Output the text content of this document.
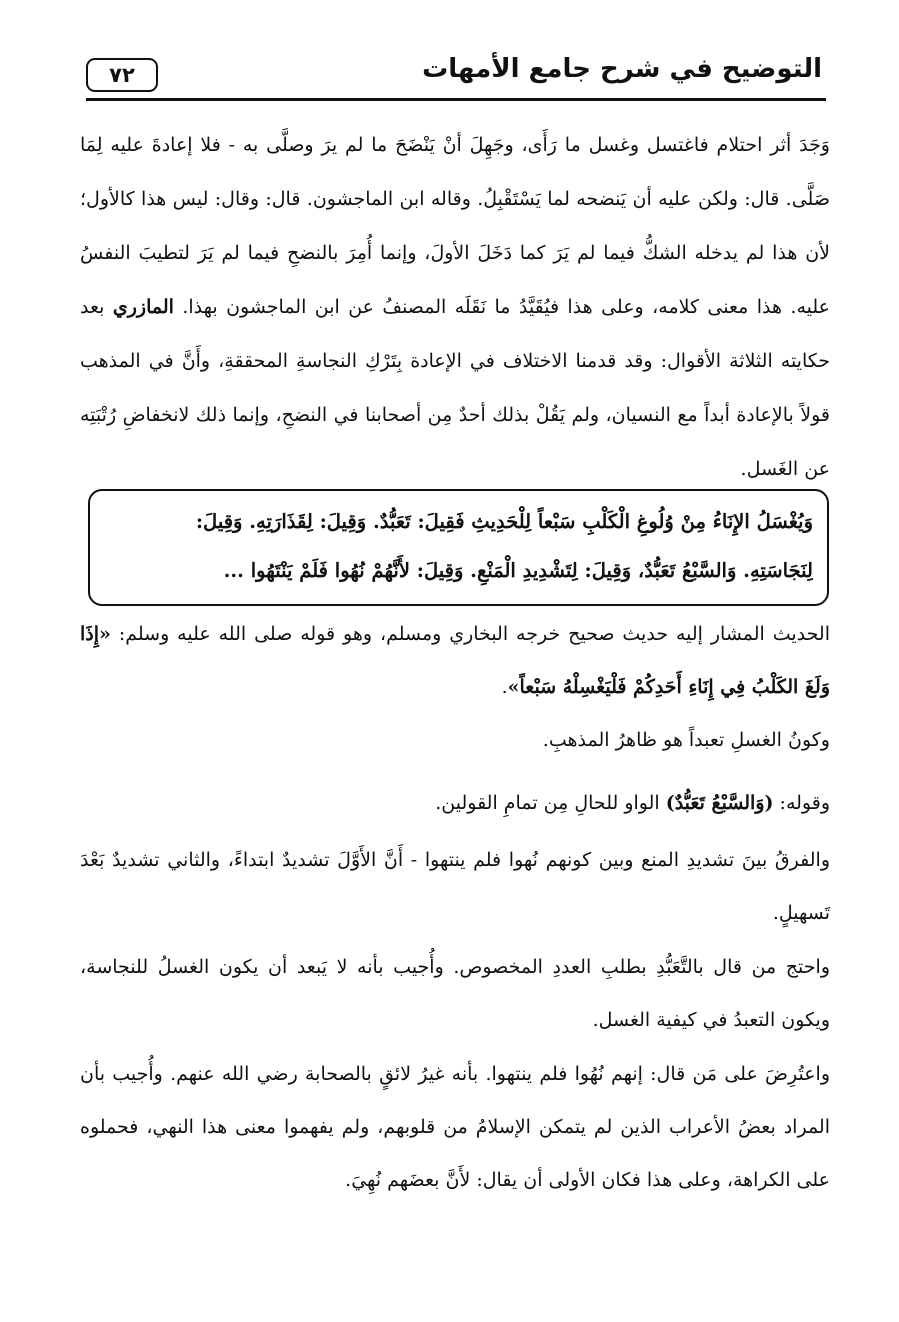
٧٢	التوضيح في شرح جامع الأمهات

وَجَدَ أثر احتلام فاغتسل وغسل ما رَأَى، وجَهِلَ أنْ يَنْضَحَ ما لم يرَ وصلَّى به - فلا إعادةَ عليه لِمَا صَلَّى. قال: ولكن عليه أن يَنضحه لما يَسْتَقْبِلُ. وقاله ابن الماجشون. قال: وقال: ليس هذا كالأول؛ لأن هذا لم يدخله الشكُّ فيما لم يَرَ كما دَخَلَ الأولَ، وإنما أُمِرَ بالنضحِ فيما لم يَرَ لتطيبَ النفسُ عليه. هذا معنى كلامه، وعلى هذا فيُقَيَّدُ ما نَقَلَه المصنفُ عن ابن الماجشون بهذا. المازري بعد حكايته الثلاثة الأقوال: وقد قدمنا الاختلاف في الإعادة بِتَرْكِ النجاسةِ المحققةِ، وأَنَّ في المذهب قولاً بالإعادة أبداً مع النسيان، ولم يَقُلْ بذلك أحدٌ مِن أصحابنا في النضحِ، وإنما ذلك لانخفاضِ رُتْبَتِه عن الغَسل.

وَيُغْسَلُ الإِنَاءُ مِنْ وُلُوغِ الْكَلْبِ سَبْعاً لِلْحَدِيثِ فَقِيلَ: تَعَبُّدٌ. وَقِيلَ: لِقَذَارَتِهِ. وَقِيلَ:
لِنَجَاسَتِهِ. وَالسَّبْعُ تَعَبُّدٌ، وَقِيلَ: لِتَشْدِيدِ الْمَنْعِ. وَقِيلَ: لأَنَّهُمْ نُهُوا فَلَمْ يَنْتَهُوا ...

الحديث المشار إليه حديث صحيح خرجه البخاري ومسلم، وهو قوله صلى الله عليه وسلم: «إِذَا وَلَغَ الكَلْبُ فِي إِنَاءِ أَحَدِكُمْ فَلْيَغْسِلْهُ سَبْعاً».

وكونُ الغسلِ تعبداً هو ظاهرُ المذهبِ.

وقوله: (وَالسَّبْعُ تَعَبُّدٌ) الواو للحالِ مِن تمامِ القولين.

والفرقُ بينَ تشديدِ المنع وبين كونهم نُهوا فلم ينتهوا - أَنَّ الأَوَّلَ تشديدٌ ابتداءً، والثاني تشديدٌ بَعْدَ تَسهيلٍ.

واحتج من قال بالتَّعَبُّدِ بطلبِ العددِ المخصوص. وأُجيب بأنه لا يَبعد أن يكون الغسلُ للنجاسة، ويكون التعبدُ في كيفية الغسل.

واعتُرِضَ على مَن قال: إنهم نُهُوا فلم ينتهوا. بأنه غيرُ لائقٍ بالصحابة رضي الله عنهم. وأُجيب بأن المراد بعضُ الأعراب الذين لم يتمكن الإسلامُ من قلوبهم، ولم يفهموا معنى هذا النهي، فحملوه على الكراهة، وعلى هذا فكان الأولى أن يقال: لأَنَّ بعضَهم نُهِيَ.
